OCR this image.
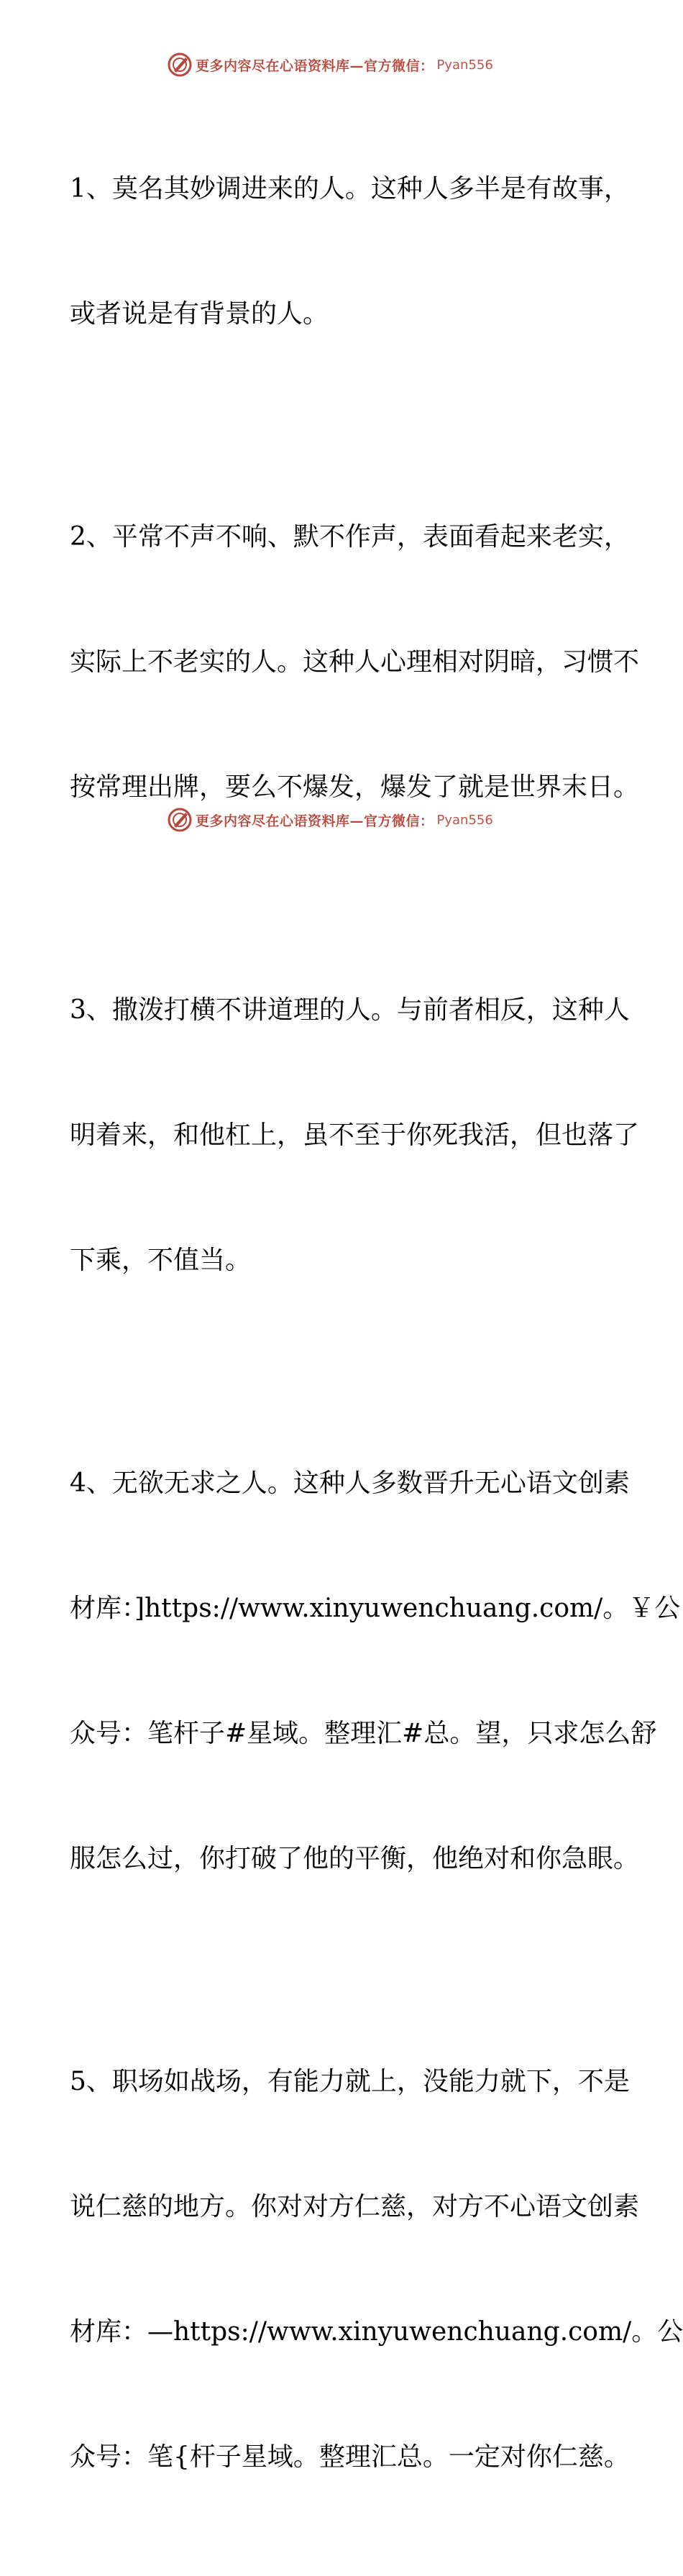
更多内容尽在心语资料库—官方微信： Pyan556

1、莫名其妙调进来的人。这种人多半是有故事，

或者说是有背景的人。

2、平常不声不响、默不作声，表面看起来老实，

实际上不老实的人。这种人心理相对阴暗，习惯不

按常理出牌，要么不爆发，爆发了就是世界末日。

3、撒泼打横不讲道理的人。与前者相反，这种人

明着来，和他杠上，虽不至于你死我活，但也落了

下乘，不值当。

4、无欲无求之人。这种人多数晋升无心语文创素

材库：]https://www.xinyuwenchuang.com/。￥公

众号：笔杆子#星域。整理汇#总。望，只求怎么舒

服怎么过，你打破了他的平衡，他绝对和你急眼。

5、职场如战场，有能力就上，没能力就下，不是

说仁慈的地方。你对对方仁慈，对方不心语文创素

材库：—https://www.xinyuwenchuang.com/。公

众号：笔{杆子星域。整理汇总。一定对你仁慈。

更多内容尽在心语资料库—官方微信： Pyan556
